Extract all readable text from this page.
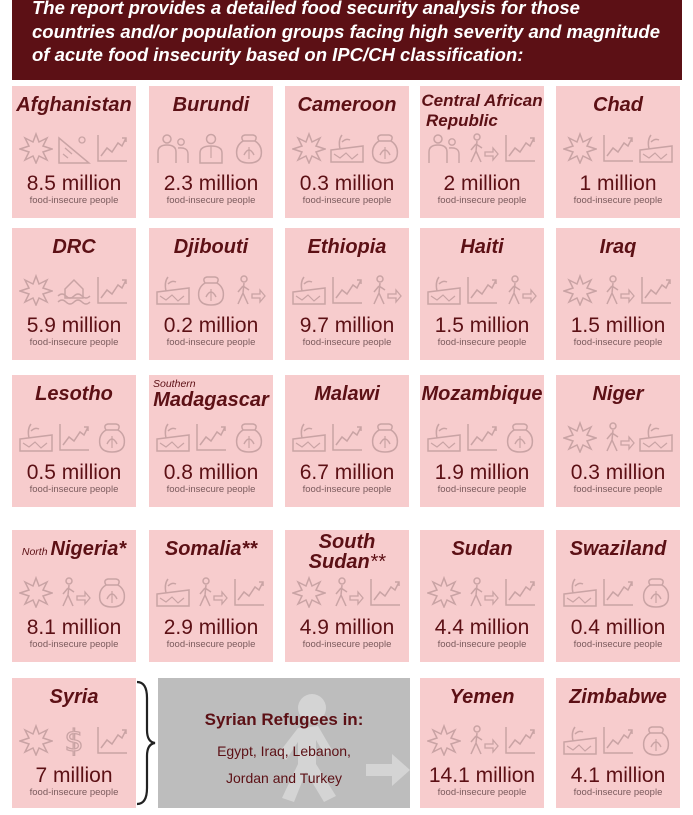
The report provides a detailed food security analysis for those countries and/or population groups facing high severity and magnitude of acute food insecurity based on IPC/CH classification:
Afghanistan
8.5 million
food-insecure people
Burundi
2.3 million
food-insecure people
Cameroon
0.3 million
food-insecure people
Central African
Republic
2 million
food-insecure people
Chad
1 million
food-insecure people
DRC
5.9 million
food-insecure people
Djibouti
0.2 million
food-insecure people
Ethiopia
9.7 million
food-insecure people
Haiti
1.5 million
food-insecure people
Iraq
1.5 million
food-insecure people
Lesotho
0.5 million
food-insecure people
Southern
Madagascar
0.8 million
food-insecure people
Malawi
6.7 million
food-insecure people
Mozambique
1.9 million
food-insecure people
Niger
0.3 million
food-insecure people
North Nigeria*
8.1 million
food-insecure people
Somalia**
2.9 million
food-insecure people
South
Sudan**
4.9 million
food-insecure people
Sudan
4.4 million
food-insecure people
Swaziland
0.4 million
food-insecure people
Syria
$
7 million
food-insecure people
Yemen
14.1 million
food-insecure people
Zimbabwe
4.1 million
food-insecure people
Syrian Refugees in:
Egypt, Iraq, Lebanon,
Jordan and Turkey
